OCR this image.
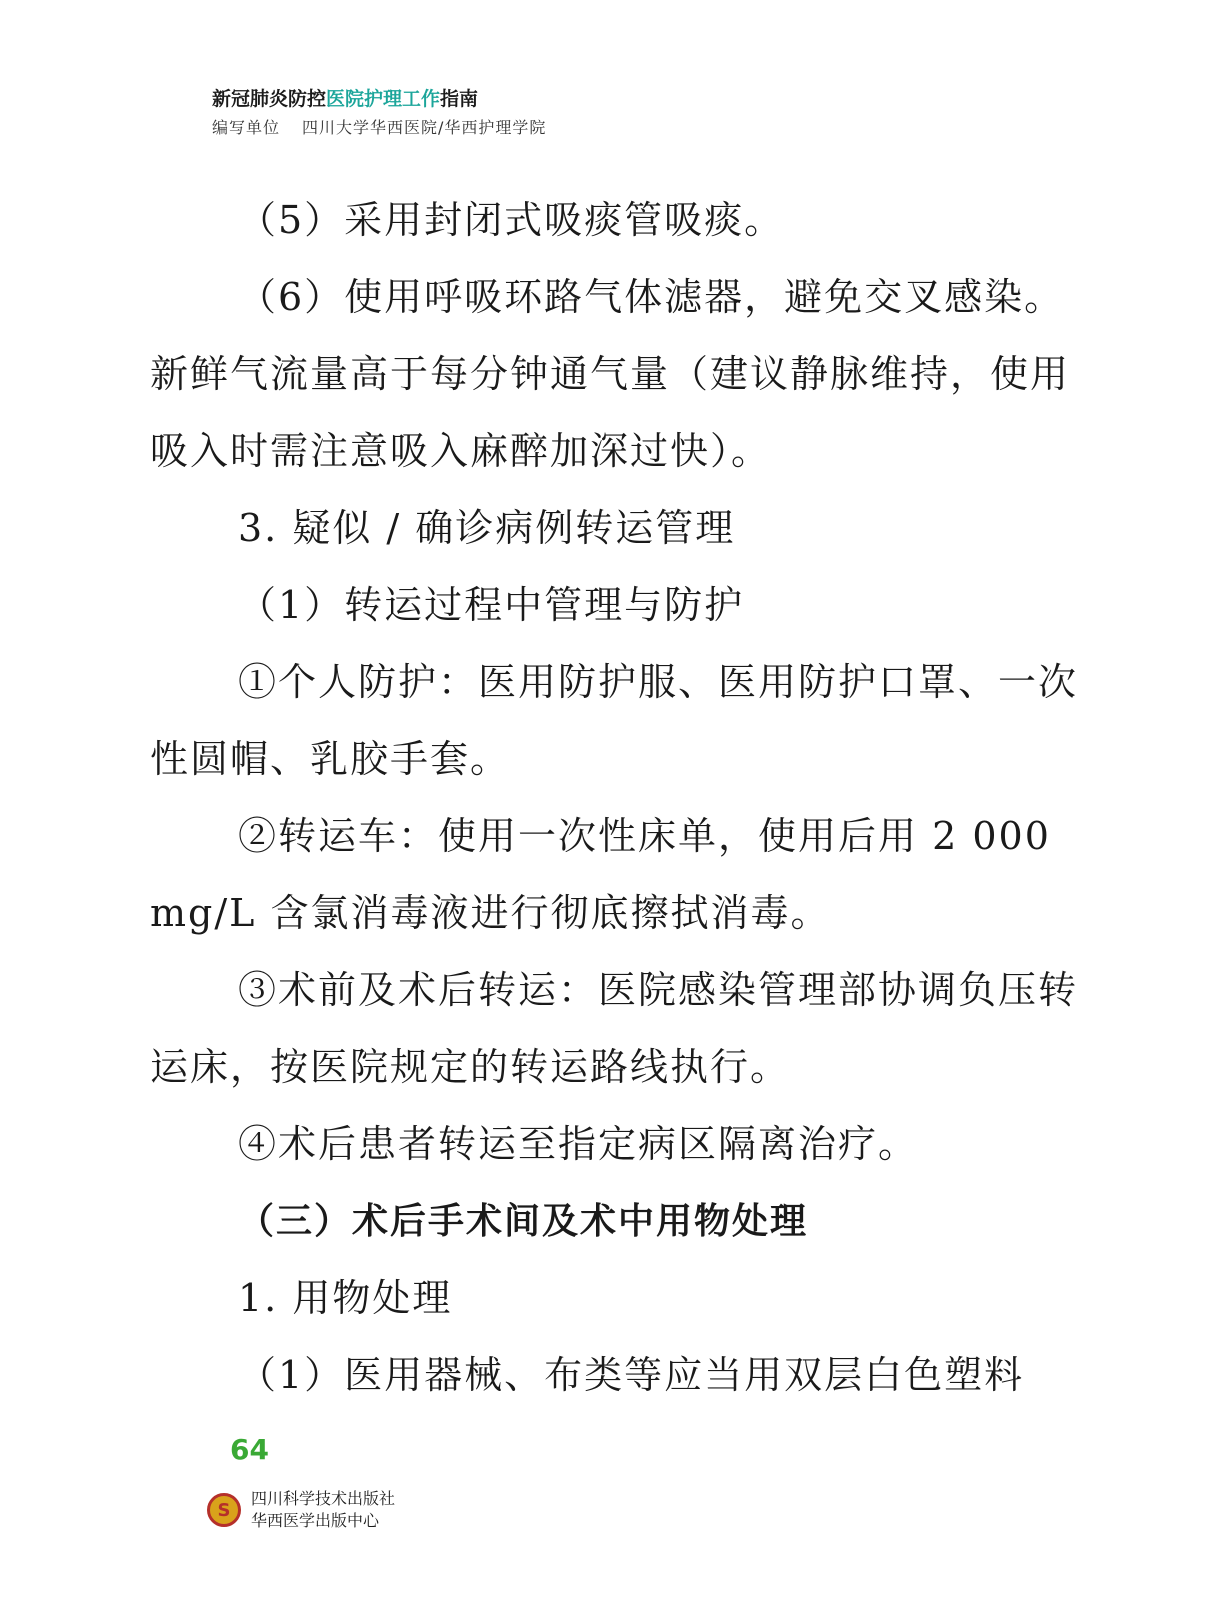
新冠肺炎防控医院护理工作指南
编写单位 四川大学华西医院/华西护理学院

（5）采用封闭式吸痰管吸痰。

（6）使用呼吸环路气体滤器，避免交叉感染。新鲜气流量高于每分钟通气量（建议静脉维持，使用吸入时需注意吸入麻醉加深过快）。

3. 疑似 / 确诊病例转运管理

（1）转运过程中管理与防护

①个人防护：医用防护服、医用防护口罩、一次性圆帽、乳胶手套。

②转运车：使用一次性床单，使用后用 2 000 mg/L 含氯消毒液进行彻底擦拭消毒。

③术前及术后转运：医院感染管理部协调负压转运床，按医院规定的转运路线执行。

④术后患者转运至指定病区隔离治疗。

（三）术后手术间及术中用物处理

1. 用物处理

（1）医用器械、布类等应当用双层白色塑料

64
S
四川科学技术出版社
华西医学出版中心
